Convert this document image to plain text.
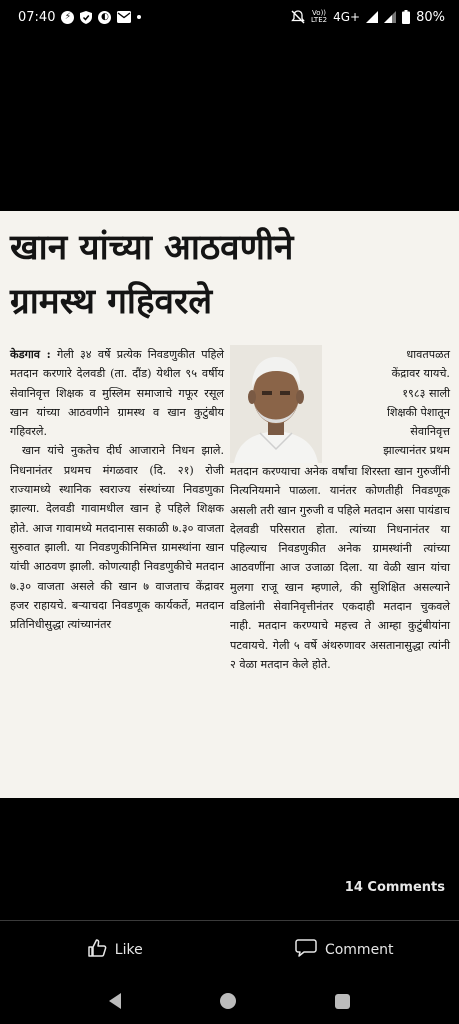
07:40	⚡	◐	Vo))
LTE2 4G+	80%
खान यांच्या आठवणीने
ग्रामस्थ गहिवरले

केडगाव : गेली ३४ वर्षे प्रत्येक निवडणुकीत पहिले मतदान करणारे देलवडी (ता. दौंड) येथील ९५ वर्षीय सेवानिवृत्त शिक्षक व मुस्लिम समाजाचे गफूर रसूल खान यांच्या आठवणीने ग्रामस्थ व खान कुटुंबीय गहिवरले.

खान यांचे नुकतेच दीर्घ आजाराने निधन झाले. निधनानंतर प्रथमच मंगळवार (दि. २१) रोजी राज्यामध्ये स्थानिक स्वराज्य संस्थांच्या निवडणुका झाल्या. देलवडी गावामधील खान हे पहिले शिक्षक होते. आज गावामध्ये मतदानास सकाळी ७.३० वाजता सुरुवात झाली. या निवडणुकीनिमित्त ग्रामस्थांना खान यांची आठवण झाली. कोणत्याही निवडणुकीचे मतदान ७.३० वाजता असले की खान ७ वाजताच केंद्रावर हजर राहायचे. बऱ्याचदा निवडणूक कार्यकर्ते, मतदान प्रतिनिधीसुद्धा त्यांच्यानंतर

धावतपळत
केंद्रावर यायचे.
१९८३ साली
शिक्षकी पेशातून
सेवानिवृत्त
झाल्यानंतर प्रथम

मतदान करण्याचा अनेक वर्षांचा शिरस्ता खान गुरुजींनी नित्यनियमाने पाळला. यानंतर कोणतीही निवडणूक असली तरी खान गुरुजी व पहिले मतदान असा पायंडाच देलवडी परिसरात होता. त्यांच्या निधनानंतर या पहिल्याच निवडणुकीत अनेक ग्रामस्थांनी त्यांच्या आठवणींना आज उजाळा दिला. या वेळी खान यांचा मुलगा राजू खान म्हणाले, की सुशिक्षित असल्याने वडिलांनी सेवानिवृत्तीनंतर एकदाही मतदान चुकवले नाही. मतदान करण्याचे महत्त्व ते आम्हा कुटुंबीयांना पटवायचे. गेली ५ वर्षे अंथरुणावर असतानासुद्धा त्यांनी २ वेळा मतदान केले होते.

14 Comments
Like	Comment
